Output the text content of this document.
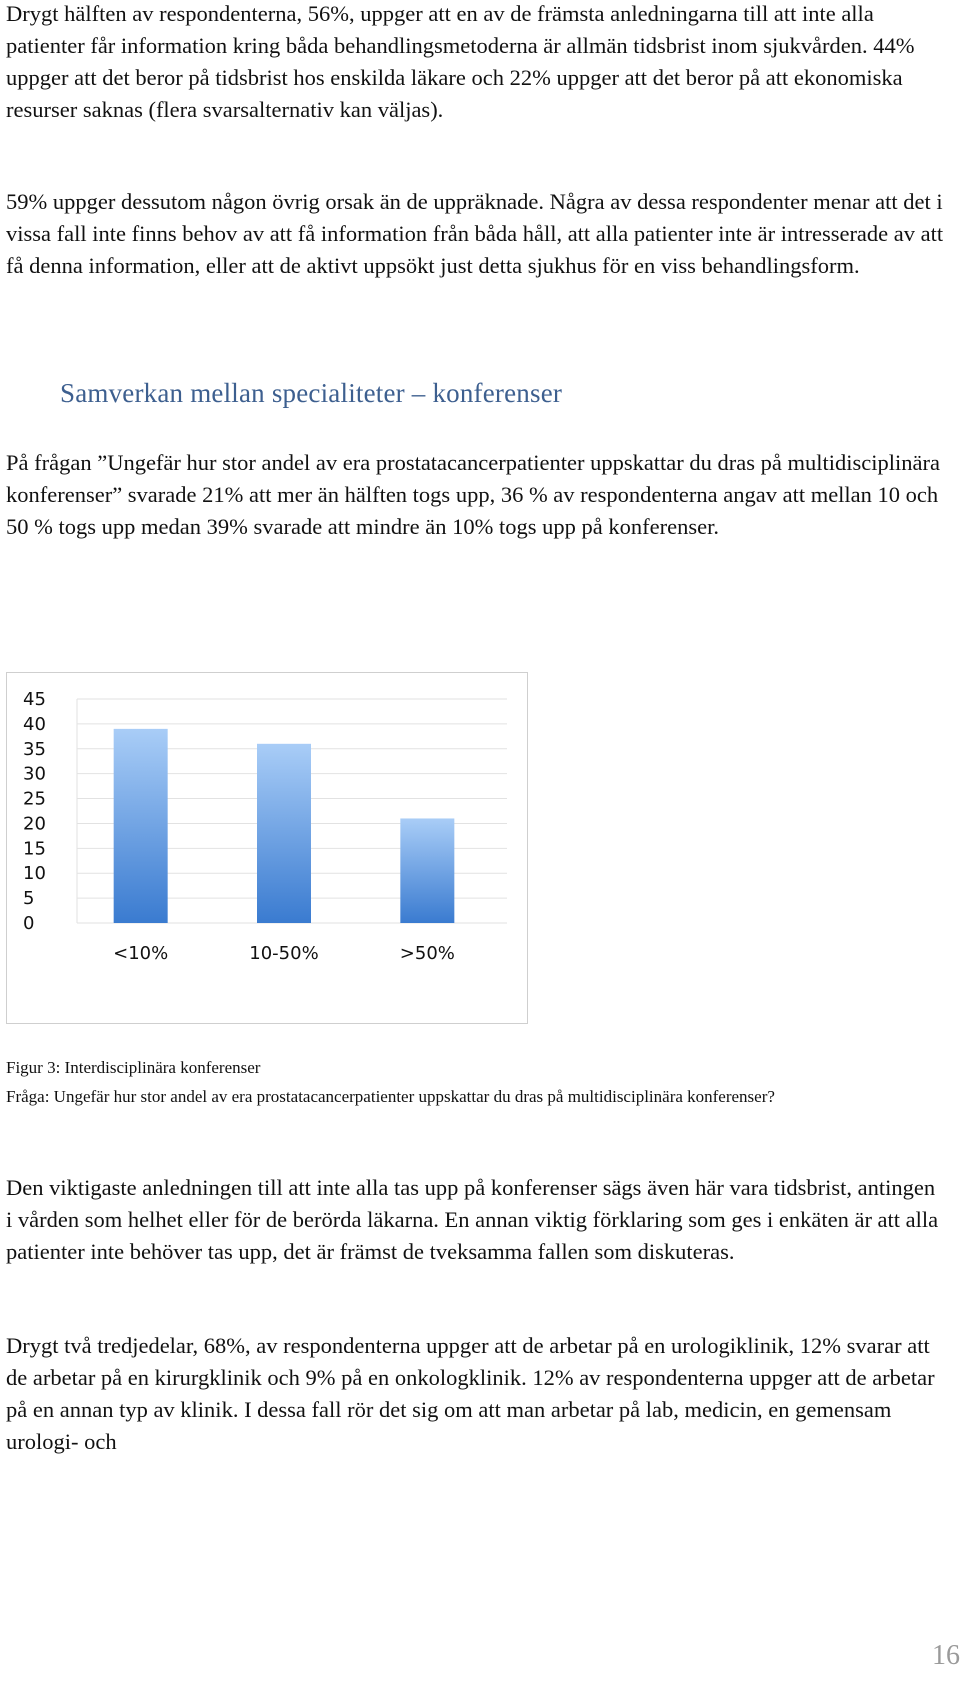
Drygt hälften av respondenterna, 56%, uppger att en av de främsta anledningarna till att inte alla patienter får information kring båda behandlingsmetoderna är allmän tidsbrist inom sjukvården. 44% uppger att det beror på tidsbrist hos enskilda läkare och 22% uppger att det beror på att ekonomiska resurser saknas (flera svarsalternativ kan väljas).

59% uppger dessutom någon övrig orsak än de uppräknade. Några av dessa respondenter menar att det i vissa fall inte finns behov av att få information från båda håll, att alla patienter inte är intresserade av att få denna information, eller att de aktivt uppsökt just detta sjukhus för en viss behandlingsform.

Samverkan mellan specialiteter – konferenser

På frågan ”Ungefär hur stor andel av era prostatacancerpatienter uppskattar du dras på multidisciplinära konferenser” svarade 21% att mer än hälften togs upp, 36 % av respondenterna angav att mellan 10 och 50 % togs upp medan 39% svarade att mindre än 10% togs upp på konferenser.

0
5
10
15
20
25
30
35
40
45
<10%	10-50%	>50%

Figur 3: Interdisciplinära konferenser

Fråga: Ungefär hur stor andel av era prostatacancerpatienter uppskattar du dras på multidisciplinära konferenser?

Den viktigaste anledningen till att inte alla tas upp på konferenser sägs även här vara tidsbrist, antingen i vården som helhet eller för de berörda läkarna. En annan viktig förklaring som ges i enkäten är att alla patienter inte behöver tas upp, det är främst de tveksamma fallen som diskuteras.

Drygt två tredjedelar, 68%, av respondenterna uppger att de arbetar på en urologiklinik, 12% svarar att de arbetar på en kirurgklinik och 9% på en onkologklinik. 12% av respondenterna uppger att de arbetar på en annan typ av klinik. I dessa fall rör det sig om att man arbetar på lab, medicin, en gemensam urologi- och

16
